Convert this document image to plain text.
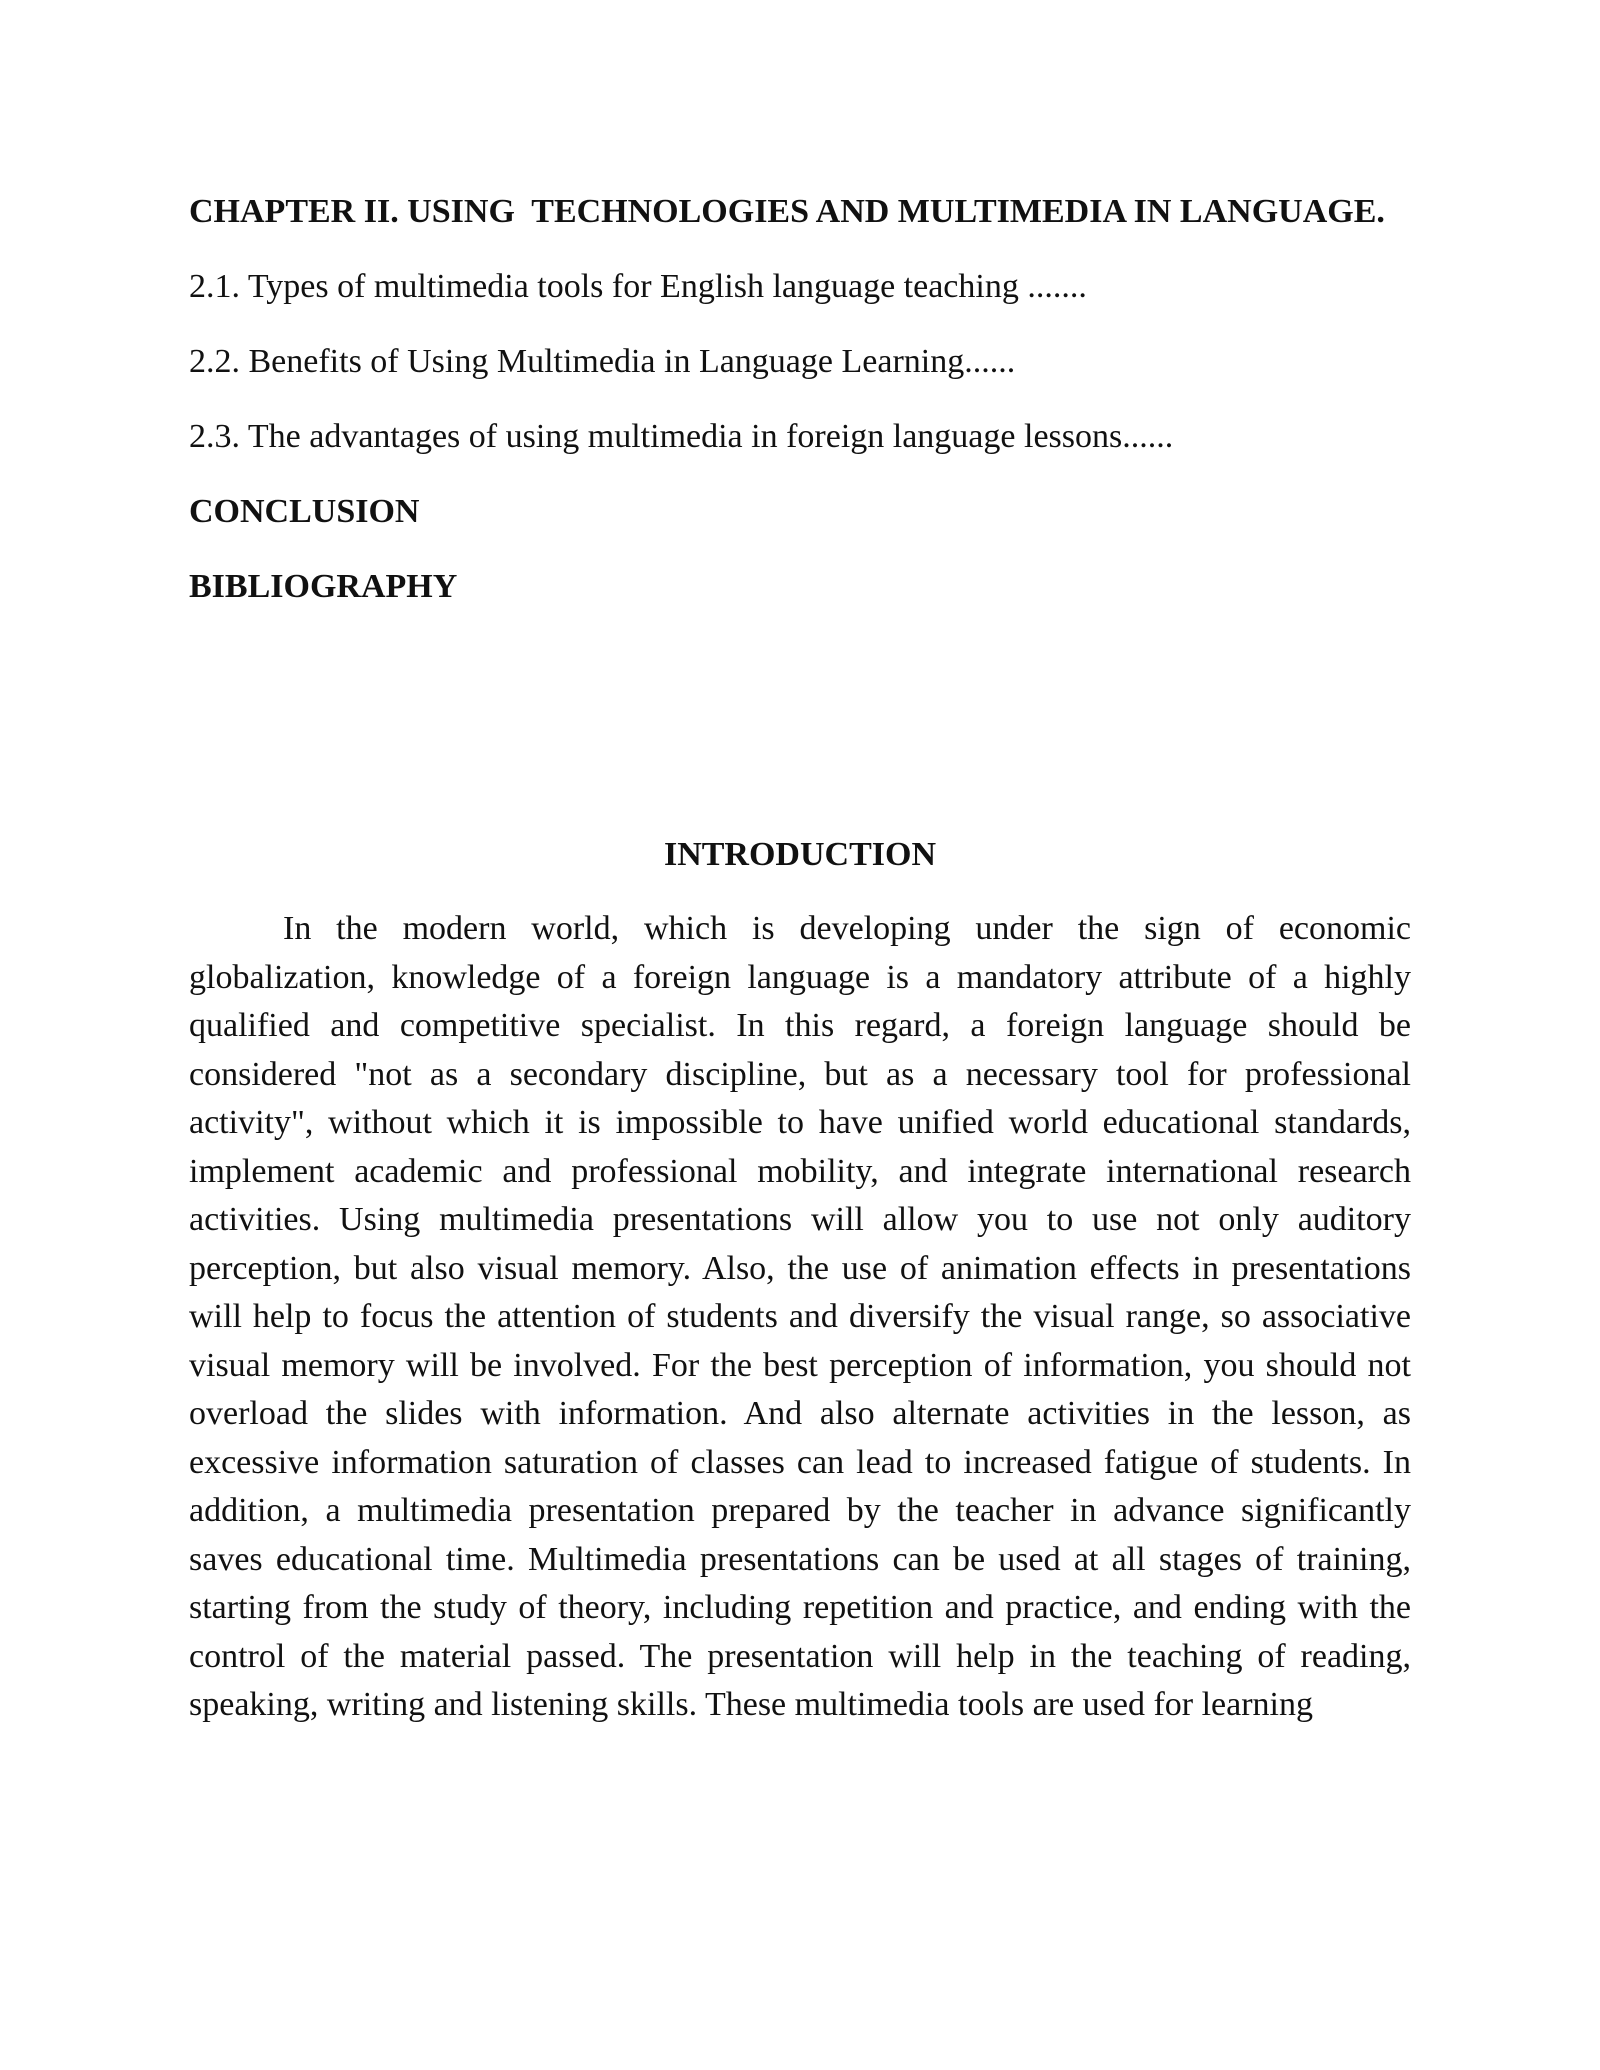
CHAPTER II. USING  TECHNOLOGIES AND MULTIMEDIA IN LANGUAGE.
2.1. Types of multimedia tools for English language teaching .......
2.2. Benefits of Using Multimedia in Language Learning......
2.3. The advantages of using multimedia in foreign language lessons......
CONCLUSION
BIBLIOGRAPHY
INTRODUCTION

In the modern world, which is developing under the sign of economic globalization, knowledge of a foreign language is a mandatory attribute of a highly qualified and competitive specialist. In this regard, a foreign language should be considered "not as a secondary discipline, but as a necessary tool for professional activity", without which it is impossible to have unified world educational standards, implement academic and professional mobility, and integrate international research activities. Using multimedia presentations will allow you to use not only auditory perception, but also visual memory. Also, the use of animation effects in presentations will help to focus the attention of students and diversify the visual range, so associative visual memory will be involved. For the best perception of information, you should not overload the slides with information. And also alternate activities in the lesson, as excessive information saturation of classes can lead to increased fatigue of students. In addition, a multimedia presentation prepared by the teacher in advance significantly saves educational time. Multimedia presentations can be used at all stages of training, starting from the study of theory, including repetition and practice, and ending with the control of the material passed. The presentation will help in the teaching of reading, speaking, writing and listening skills. These multimedia tools are used for learning
